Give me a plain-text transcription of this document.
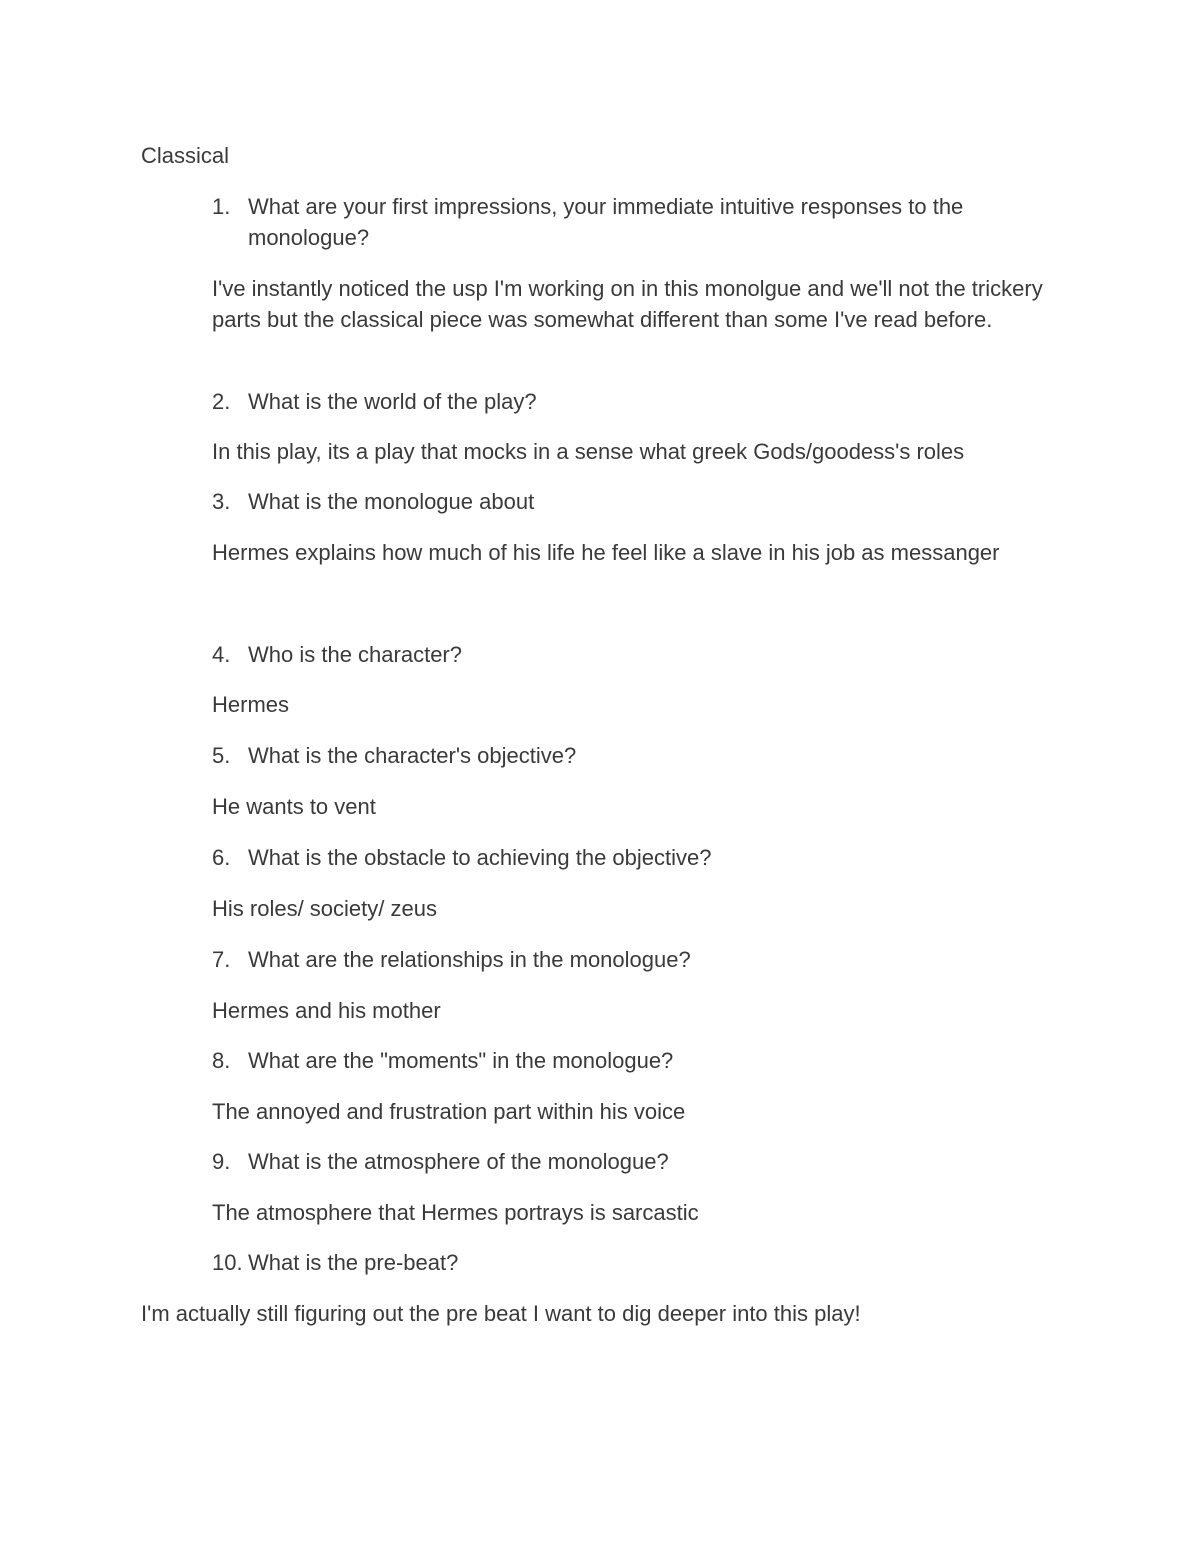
Classical
1. What are your first impressions, your immediate intuitive responses to the monologue?
I've instantly noticed the usp I'm working on in this monolgue and we'll not the trickery parts but the classical piece was somewhat different than some I've read before.
2. What is the world of the play?
In this play, its a play that mocks in a sense what greek Gods/goodess's roles
3. What is the monologue about
Hermes explains how much of his life he feel like a slave in his job as messanger
4. Who is the character?
Hermes
5. What is the character's objective?
He wants to vent
6. What is the obstacle to achieving the objective?
His roles/ society/ zeus
7. What are the relationships in the monologue?
Hermes and his mother
8. What are the "moments" in the monologue?
The annoyed and frustration part within his voice
9. What is the atmosphere of the monologue?
The atmosphere that Hermes portrays is sarcastic
10. What is the pre-beat?
I'm actually still figuring out the pre beat I want to dig deeper into this play!
